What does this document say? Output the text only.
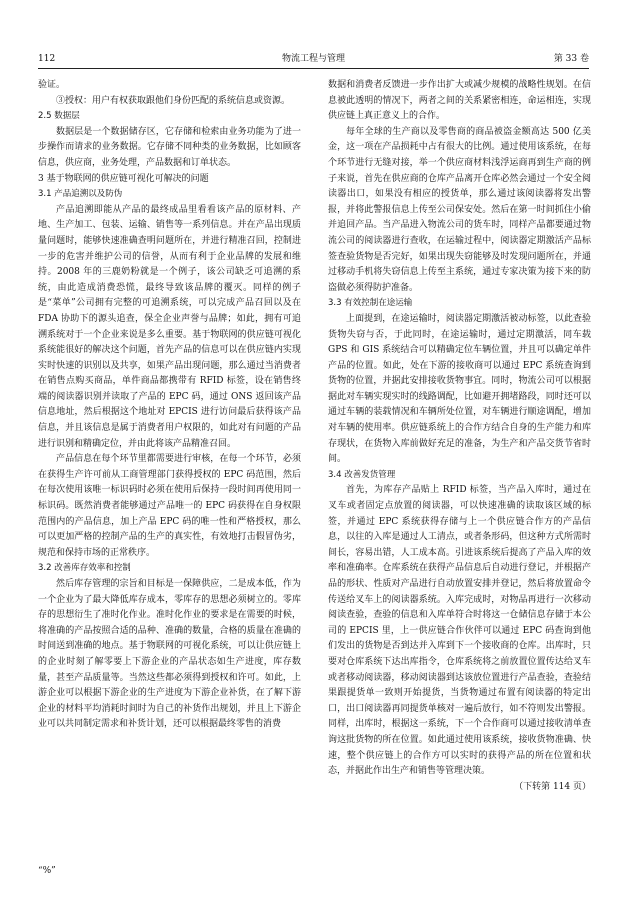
112	物流工程与管理	第 33 卷

验证。

③授权：用户有权获取跟他们身份匹配的系统信息或资源。

2.5 数据层

数据层是一个数据储存区，它存储和检索由业务功能为了进一步操作而请求的业务数据。它存储不同种类的业务数据，比如顾客信息，供应商，业务处理，产品数据和订单状态。

3 基于物联网的供应链可视化可解决的问题

3.1 产品追溯以及防伪

产品追溯即能从产品的最终成品里看看该产品的原材料、产地、生产加工、包装、运输、销售等一系列信息。并在产品出现质量问题时，能够快速准确查明问题所在，并进行精准召回，控制进一步的危害并维护公司的信誉，从而有利于企业品牌的发展和维持。2008 年的三鹿奶粉就是一个例子，该公司缺乏可追溯的系统，由此造成消费恐慌，最终导致该品牌的覆灭。同样的例子是“菜单”公司拥有完整的可追溯系统，可以完成产品召回以及在 FDA 协助下的源头追查，保全企业声誉与品牌；如此，拥有可追溯系统对于一个企业来说是多么重要。基于物联网的供应链可视化系统能很好的解决这个问题，首先产品的信息可以在供应链内实现实时快速的识别以及共享，如果产品出现问题，那么通过当消费者在销售点购买商品，单件商品都携带有 RFID 标签，设在销售终端的阅读器识别并读取了产品的 EPC 码，通过 ONS 返回该产品信息地址，然后根据这个地址对 EPCIS 进行访问最后获得该产品信息，并且该信息是属于消费者用户权限的，如此对有问题的产品进行识别和精确定位，并由此将该产品精准召回。

产品信息在每个环节里都需要进行审核，在每一个环节，必须在获得生产许可前从工商管理部门获得授权的 EPC 码范围，然后在每次使用该唯一标识码时必须在使用后保持一段时间再使用同一标识码。既然消费者能够通过产品唯一的 EPC 码获得在自身权限范围内的产品信息，加上产品 EPC 码的唯一性和严格授权，那么可以更加严格的控制产品的生产的真实性，有效地打击假冒伪劣，规范和保持市场的正常秩序。

3.2 改善库存效率和控制

然后库存管理的宗旨和目标是一保障供应，二是成本低，作为一个企业为了最大降低库存成本，零库存的思想必须树立的。零库存的思想衍生了准时化作业。准时化作业的要求是在需要的时候，将准确的产品按照合适的品种、准确的数量，合格的质量在准确的时间送到准确的地点。基于物联网的可视化系统，可以让供应链上的企业时刻了解零要上下游企业的产品状态如生产进度，库存数量，甚至产品质量等。当然这些都必须得到授权和许可。如此，上游企业可以根据下游企业的生产进度为下游企业补货，在了解下游企业的材料平均消耗时间时为自己的补货作出规划，并且上下游企业可以共同制定需求和补货计划，还可以根据最终零售的消费

数据和消费者反馈进一步作出扩大或减少规模的战略性规划。在信息被此透明的情况下，两者之间的关系紧密相连，命运相连，实现供应链上真正意义上的合作。

每年全球的生产商以及零售商的商品被盗金额高达 500 亿美金，这一项在产品损耗中占有很大的比例。通过使用该系统，在每个环节进行无缝对接，举一个供应商材料浅浮运商再到生产商的例子来说，首先在供应商的仓库产品离开仓库必然会通过一个安全阅读器出口，如果没有相应的授货单，那么通过该阅读器将发出警报，并将此警报信息上传至公司保安处。然后在第一时间抓住小偷并追回产品。当产品进入物流公司的货车时，同样产品都要通过物流公司的阅读器进行查收，在运输过程中，阅读器定期激活产品标签查验货物是否完好，如果出现失窃能够及时发现问题所在，并通过移动手机将失窃信息上传至主系统，通过专家决策为接下来的防盗做必须得防护准备。

3.3 有效控制在途运输

上面提到，在途运输时，阅读器定期激活被动标签，以此查验货物失窃与否，于此同时，在途运输时，通过定期激活，同车载 GPS 和 GIS 系统结合可以精确定位车辆位置，并且可以确定单件产品的位置。如此，处在下游的接收商可以通过 EPC 系统查询到货物的位置，并据此安排接收货物事宜。同时，物流公司可以根据据此对车辆实现实时的线路调配，比如避开拥堵路段，同时还可以通过车辆的装载情况和车辆所处位置，对车辆进行顺途调配，增加对车辆的使用率。供应链系统上的合作方结合自身的生产能力和库存现状，在货物入库前做好充足的准备，为生产和产品交货节省时间。

3.4 改善发货管理

首先，为库存产品贴上 RFID 标签，当产品入库时，通过在叉车或者固定点放置的阅读器，可以快速准确的读取该区域的标签，并通过 EPC 系统获得存储与上一个供应链合作方的产品信息，以往的入库是通过人工清点，或者条形码，但这种方式所需时间长，容易出错，人工成本高。引进该系统后提高了产品入库的效率和准确率。仓库系统在获得产品信息后自动进行登记，并根据产品的形状、性质对产品进行自动放置安排并登记，然后将放置命令传送给叉车上的阅读器系统。入库完成时，对物品再进行一次移动阅读查验，查验的信息和入库单符合时将这一仓储信息存储于本公司的 EPCIS 里，上一供应链合作伙伴可以通过 EPC 码查询到他们发出的货物是否到达并入库到下一个接收商的仓库。出库时，只要对仓库系统下达出库指令，仓库系统将之前放置位置传达给叉车或者移动阅读器，移动阅读器到达该放位置进行产品查验，查验结果跟提货单一致则开始提货，当货物通过布置有阅读器的特定出口，出口阅读器再同提货单核对一遍后放行，如不符则发出警报。同样，出库时，根据这一系统，下一个合作商可以通过接收清单查询这批货物的所在位置。如此通过使用该系统，接收货物准确、快速，整个供应链上的合作方可以实时的获得产品的所在位置和状态，并据此作出生产和销售等管理决策。

（下转第 114 页）

“%”
